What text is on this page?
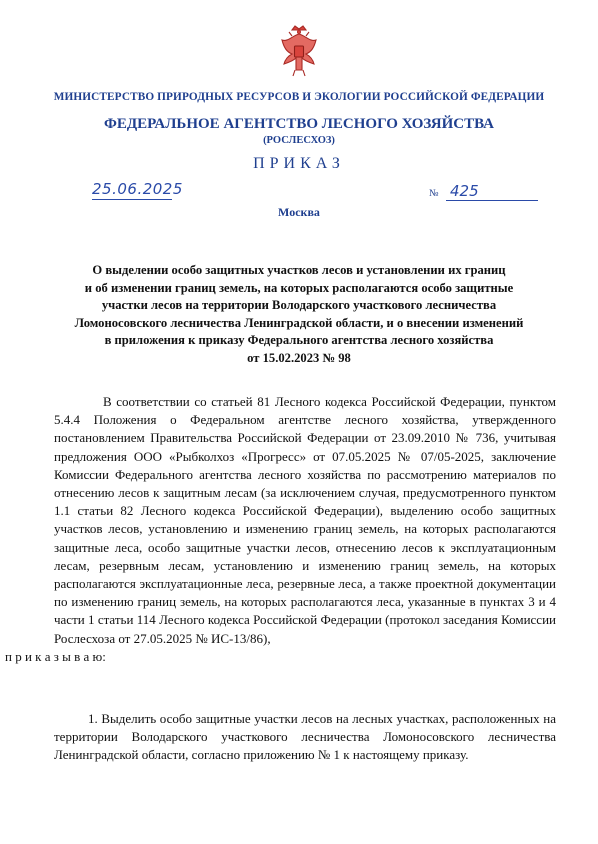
МИНИСТЕРСТВО ПРИРОДНЫХ РЕСУРСОВ И ЭКОЛОГИИ РОССИЙСКОЙ ФЕДЕРАЦИИ
ФЕДЕРАЛЬНОЕ АГЕНТСТВО ЛЕСНОГО ХОЗЯЙСТВА
(РОСЛЕСХОЗ)
ПРИКАЗ
25.06.2025	№ 425
Москва
О выделении особо защитных участков лесов и установлении их границ
и об изменении границ земель, на которых располагаются особо защитные
участки лесов на территории Володарского участкового лесничества
Ломоносовского лесничества Ленинградской области, и о внесении изменений
в приложения к приказу Федерального агентства лесного хозяйства
от 15.02.2023 № 98
В соответствии со статьей 81 Лесного кодекса Российской Федерации, пунктом 5.4.4 Положения о Федеральном агентстве лесного хозяйства, утвержденного постановлением Правительства Российской Федерации от 23.09.2010 № 736, учитывая предложения ООО «Рыбколхоз «Прогресс» от 07.05.2025 № 07/05-2025, заключение Комиссии Федерального агентства лесного хозяйства по рассмотрению материалов по отнесению лесов к защитным лесам (за исключением случая, предусмотренного пунктом 1.1 статьи 82 Лесного кодекса Российской Федерации), выделению особо защитных участков лесов, установлению и изменению границ земель, на которых располагаются защитные леса, особо защитные участки лесов, отнесению лесов к эксплуатационным лесам, резервным лесам, установлению и изменению границ земель, на которых располагаются эксплуатационные леса, резервные леса, а также проектной документации по изменению границ земель, на которых располагаются леса, указанные в пунктах 3 и 4 части 1 статьи 114 Лесного кодекса Российской Федерации (протокол заседания Комиссии Рослесхоза от 27.05.2025 № ИС-13/86),
п р и к а з ы в а ю:
1. Выделить особо защитные участки лесов на лесных участках, расположенных на территории Володарского участкового лесничества Ломоносовского лесничества Ленинградской области, согласно приложению № 1 к настоящему приказу.
